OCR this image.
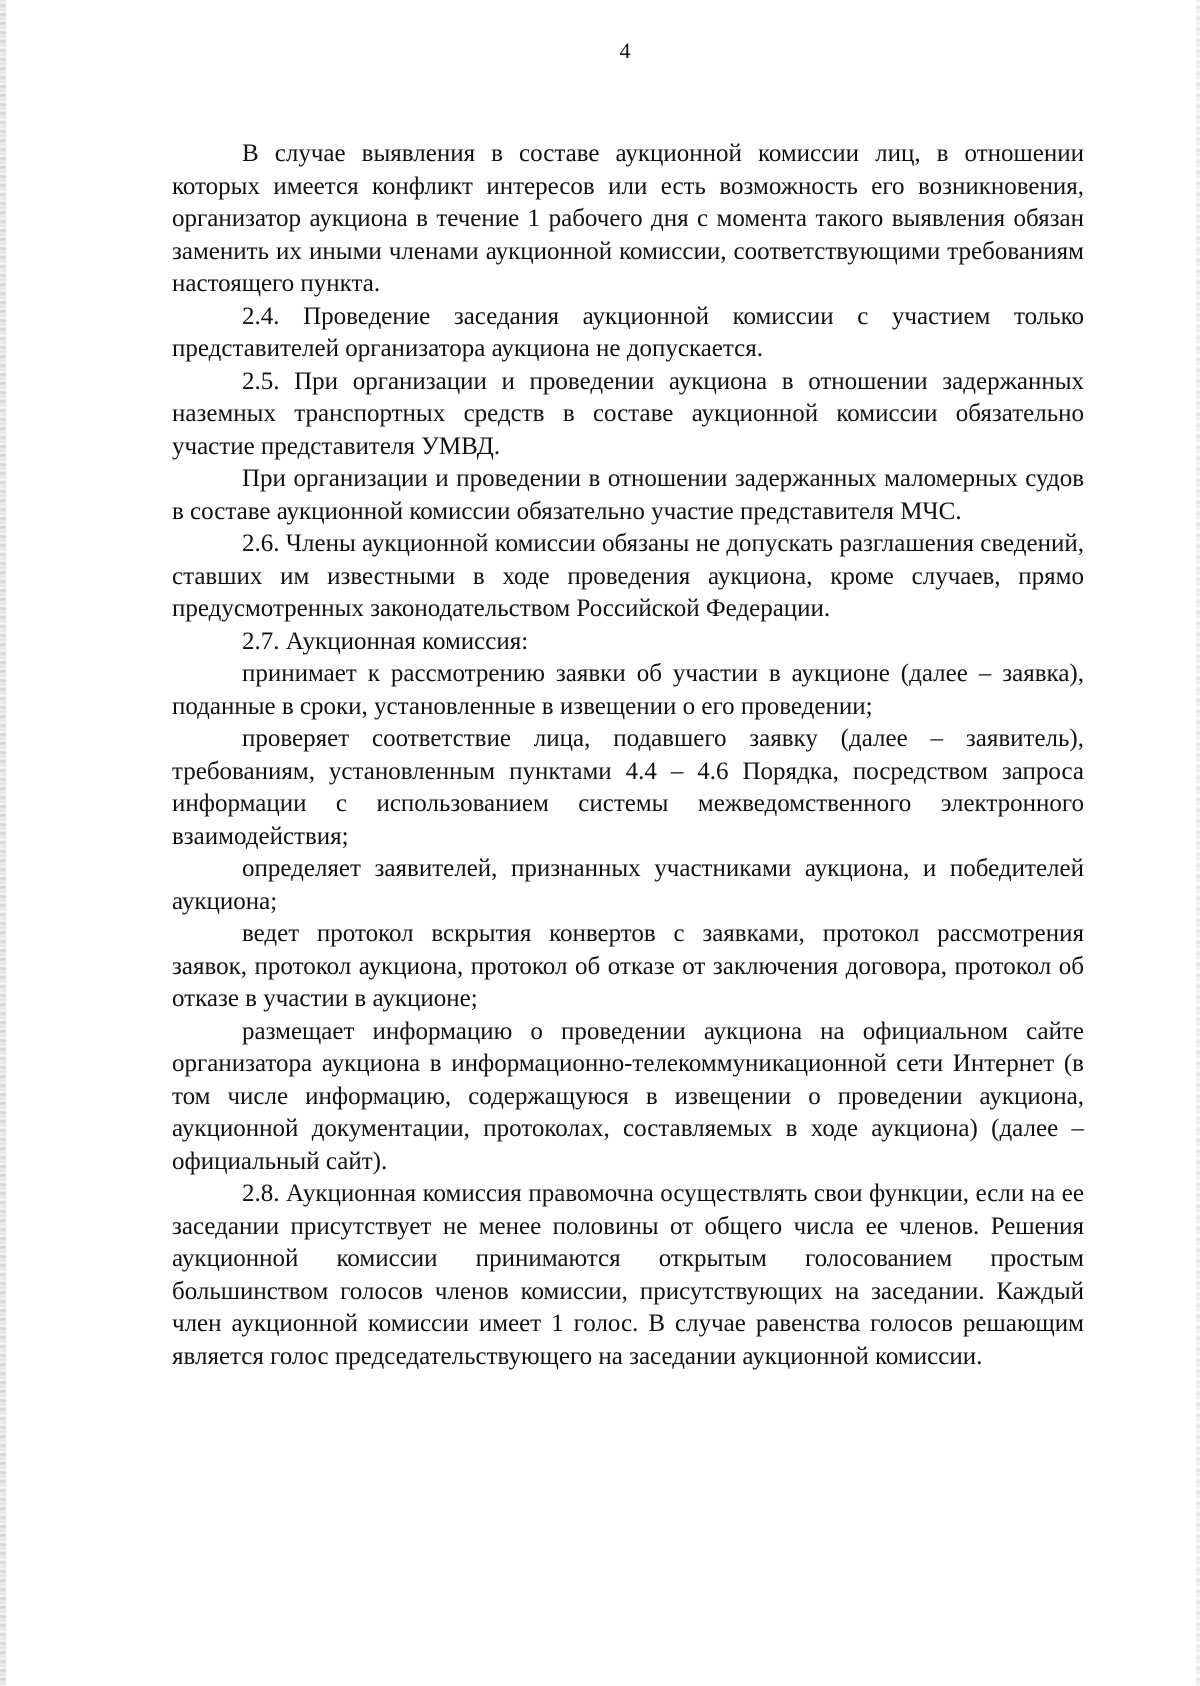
4

В случае выявления в составе аукционной комиссии лиц, в отношении которых имеется конфликт интересов или есть возможность его возникновения, организатор аукциона в течение 1 рабочего дня с момента такого выявления обязан заменить их иными членами аукционной комиссии, соответствующими требованиям настоящего пункта.

2.4. Проведение заседания аукционной комиссии с участием только представителей организатора аукциона не допускается.

2.5. При организации и проведении аукциона в отношении задержанных наземных транспортных средств в составе аукционной комиссии обязательно участие представителя УМВД.

При организации и проведении в отношении задержанных маломерных судов в составе аукционной комиссии обязательно участие представителя МЧС.

2.6. Члены аукционной комиссии обязаны не допускать разглашения сведений, ставших им известными в ходе проведения аукциона, кроме случаев, прямо предусмотренных законодательством Российской Федерации.

2.7. Аукционная комиссия:

принимает к рассмотрению заявки об участии в аукционе (далее – заявка), поданные в сроки, установленные в извещении о его проведении;

проверяет соответствие лица, подавшего заявку (далее – заявитель), требованиям, установленным пунктами 4.4 – 4.6 Порядка, посредством запроса информации с использованием системы межведомственного электронного взаимодействия;

определяет заявителей, признанных участниками аукциона, и победителей аукциона;

ведет протокол вскрытия конвертов с заявками, протокол рассмотрения заявок, протокол аукциона, протокол об отказе от заключения договора, протокол об отказе в участии в аукционе;

размещает информацию о проведении аукциона на официальном сайте организатора аукциона в информационно-телекоммуникационной сети Интернет (в том числе информацию, содержащуюся в извещении о проведении аукциона, аукционной документации, протоколах, составляемых в ходе аукциона) (далее – официальный сайт).

2.8. Аукционная комиссия правомочна осуществлять свои функции, если на ее заседании присутствует не менее половины от общего числа ее членов. Решения аукционной комиссии принимаются открытым голосованием простым большинством голосов членов комиссии, присутствующих на заседании. Каждый член аукционной комиссии имеет 1 голос. В случае равенства голосов решающим является голос председательствующего на заседании аукционной комиссии.
